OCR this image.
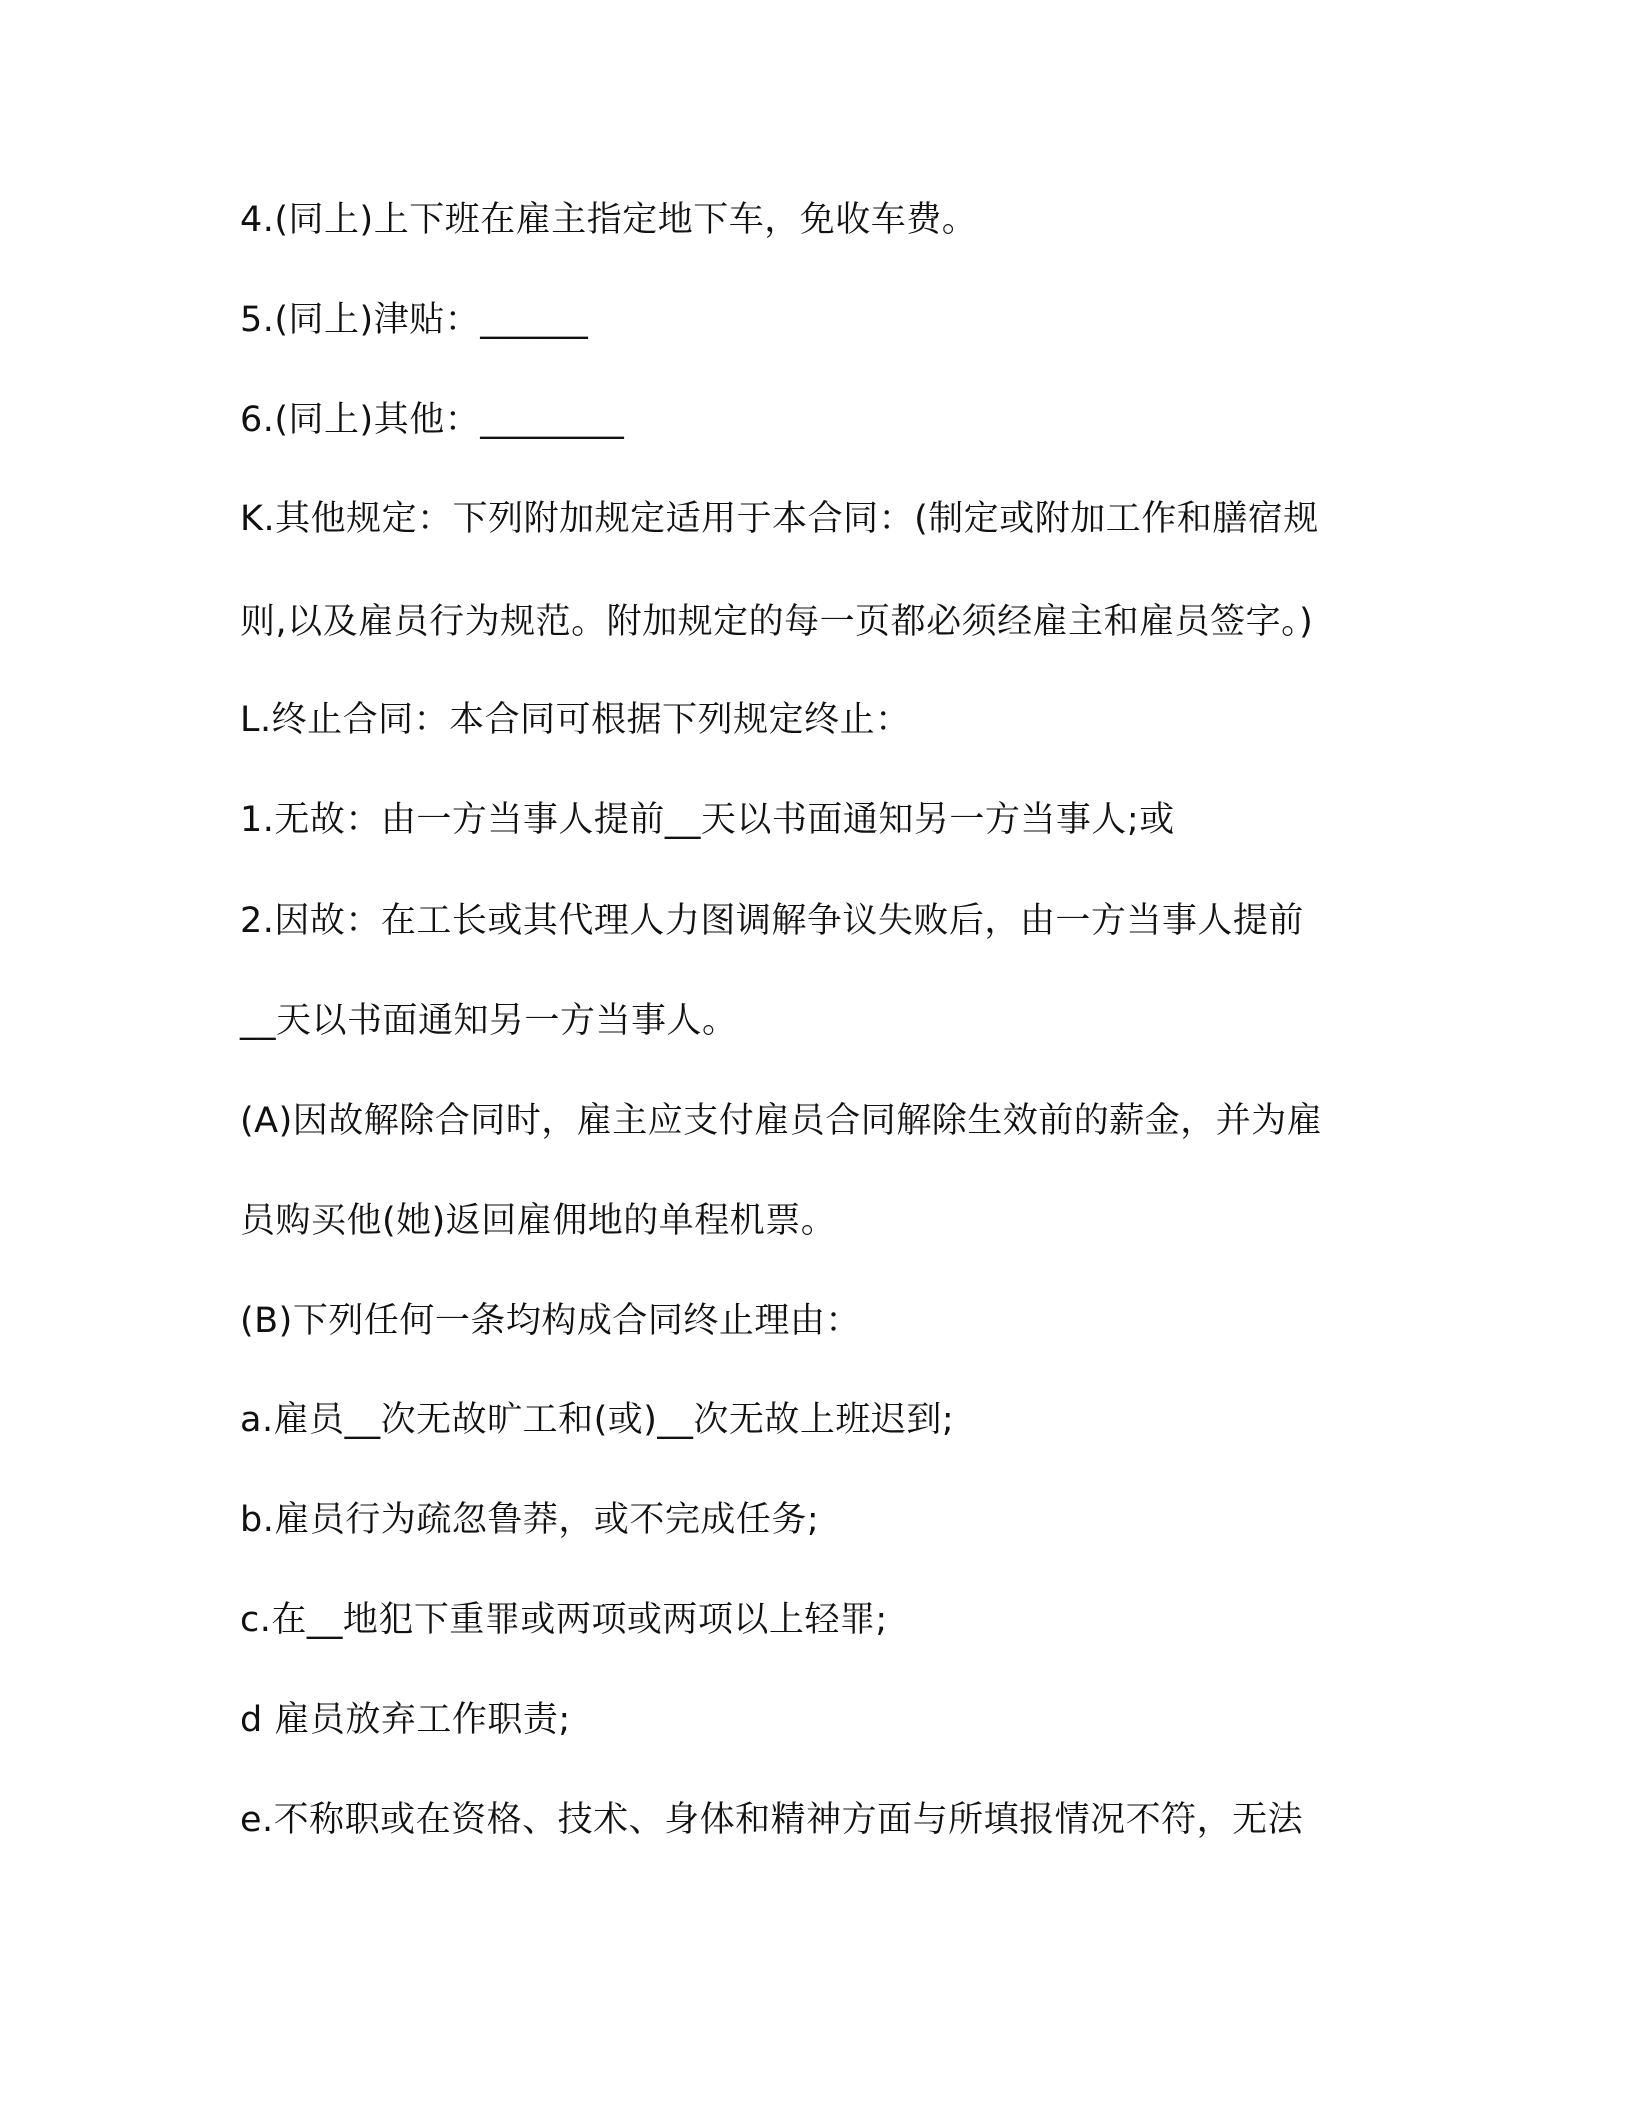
4.(同上)上下班在雇主指定地下车，免收车费。
5.(同上)津贴：______
6.(同上)其他：________
K.其他规定：下列附加规定适用于本合同：(制定或附加工作和膳宿规
则,以及雇员行为规范。附加规定的每一页都必须经雇主和雇员签字。)
L.终止合同：本合同可根据下列规定终止：
1.无故：由一方当事人提前__天以书面通知另一方当事人;或
2.因故：在工长或其代理人力图调解争议失败后，由一方当事人提前
__天以书面通知另一方当事人。
(A)因故解除合同时，雇主应支付雇员合同解除生效前的薪金，并为雇
员购买他(她)返回雇佣地的单程机票。
(B)下列任何一条均构成合同终止理由：
a.雇员__次无故旷工和(或)__次无故上班迟到;
b.雇员行为疏忽鲁莽，或不完成任务;
c.在__地犯下重罪或两项或两项以上轻罪;
d 雇员放弃工作职责;
e.不称职或在资格、技术、身体和精神方面与所填报情况不符，无法
